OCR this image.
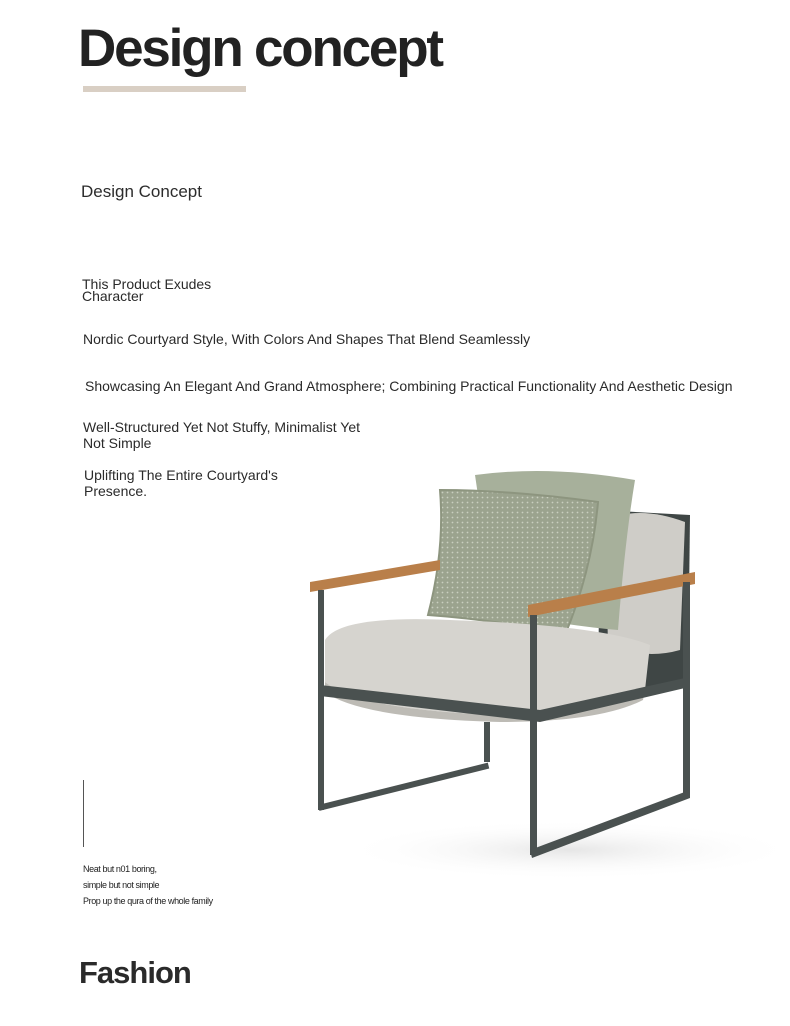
Design concept
Design Concept
This Product Exudes Character
Nordic Courtyard Style, With Colors And Shapes That Blend Seamlessly
Showcasing An Elegant And Grand Atmosphere; Combining Practical Functionality And Aesthetic Design
Well-Structured Yet Not Stuffy, Minimalist Yet Not Simple
Uplifting The Entire Courtyard's Presence.
Neat but n01 boring,
simple but not simple
Prop up the qura of the whole family
Fashion
